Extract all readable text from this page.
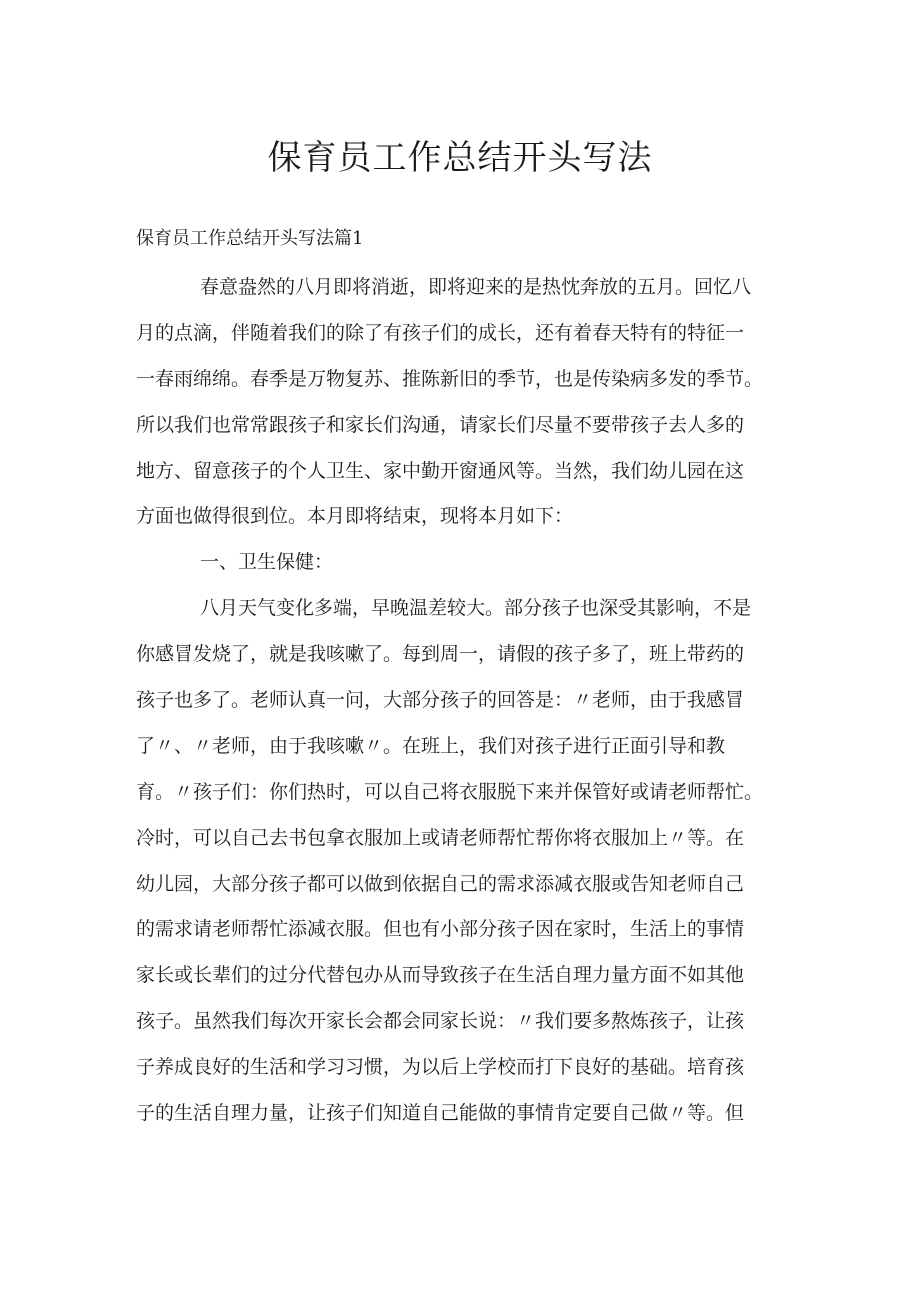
保育员工作总结开头写法

保育员工作总结开头写法篇1

春意盎然的八月即将消逝，即将迎来的是热忱奔放的五月。回忆八
月的点滴，伴随着我们的除了有孩子们的成长，还有着春天特有的特征一
一春雨绵绵。春季是万物复苏、推陈新旧的季节，也是传染病多发的季节。
所以我们也常常跟孩子和家长们沟通，请家长们尽量不要带孩子去人多的
地方、留意孩子的个人卫生、家中勤开窗通风等。当然，我们幼儿园在这
方面也做得很到位。本月即将结束，现将本月如下：
一、卫生保健：
八月天气变化多端，早晚温差较大。部分孩子也深受其影响，不是
你感冒发烧了，就是我咳嗽了。每到周一，请假的孩子多了，班上带药的
孩子也多了。老师认真一问，大部分孩子的回答是：〃老师，由于我感冒
了〃、〃老师，由于我咳嗽〃。在班上，我们对孩子进行正面引导和教
育。〃孩子们：你们热时，可以自己将衣服脱下来并保管好或请老师帮忙。
冷时，可以自己去书包拿衣服加上或请老师帮忙帮你将衣服加上〃等。在
幼儿园，大部分孩子都可以做到依据自己的需求添减衣服或告知老师自己
的需求请老师帮忙添减衣服。但也有小部分孩子因在家时，生活上的事情
家长或长辈们的过分代替包办从而导致孩子在生活自理力量方面不如其他
孩子。虽然我们每次开家长会都会同家长说：〃我们要多熬炼孩子，让孩
子养成良好的生活和学习习惯，为以后上学校而打下良好的基础。培育孩
子的生活自理力量，让孩子们知道自己能做的事情肯定要自己做〃等。但
